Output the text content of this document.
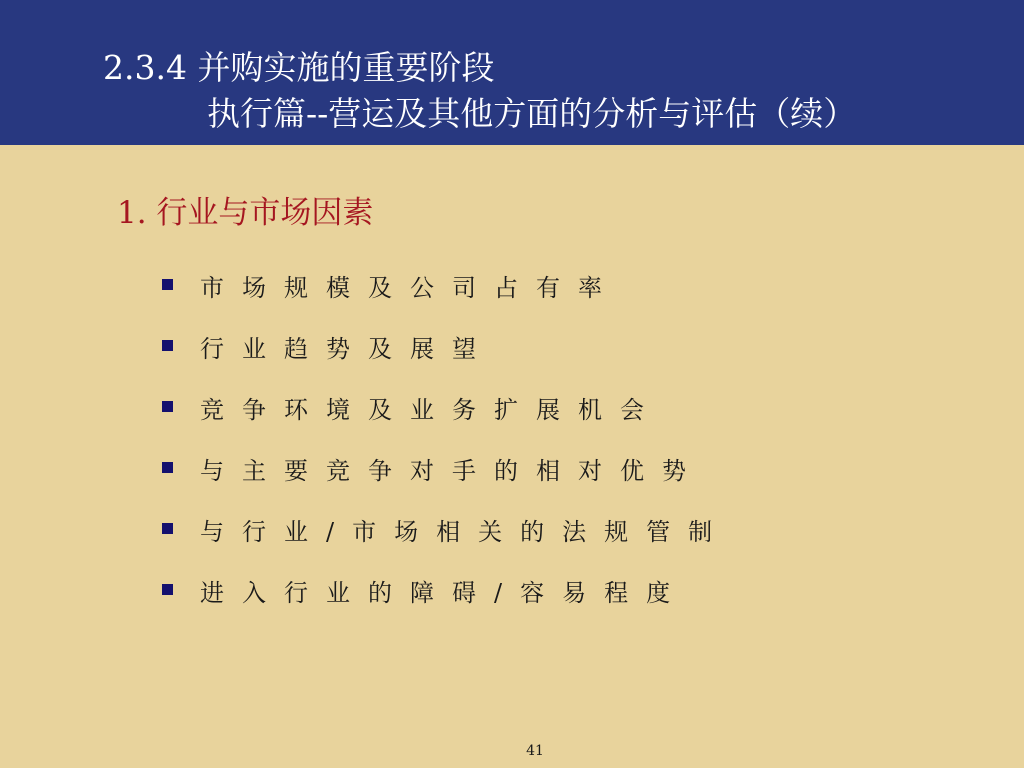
2.3.4 并购实施的重要阶段
执行篇--营运及其他方面的分析与评估（续）
1. 行业与市场因素
市场规模及公司占有率
行业趋势及展望
竞争环境及业务扩展机会
与主要竞争对手的相对优势
与行业/市场相关的法规管制
进入行业的障碍/容易程度
41
